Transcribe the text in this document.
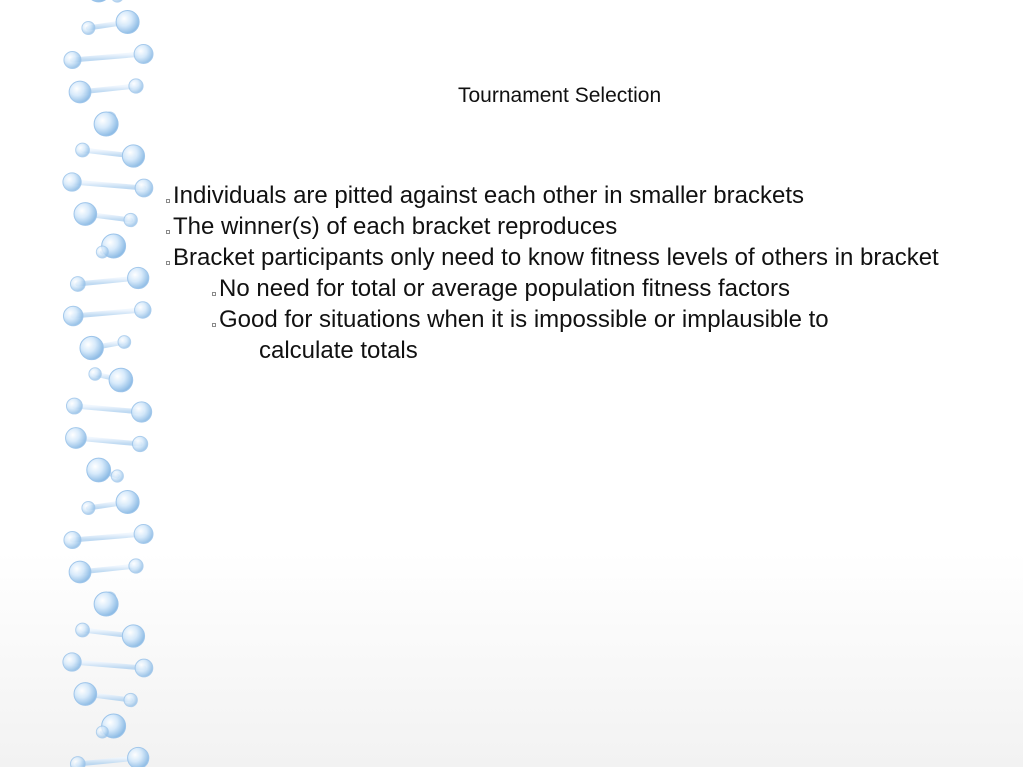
Tournament Selection
Individuals are pitted against each other in smaller brackets
The winner(s) of each bracket reproduces
Bracket participants only need to know fitness levels of others in bracket
No need for total or average population fitness factors
Good for situations when it is impossible or implausible to
calculate totals
